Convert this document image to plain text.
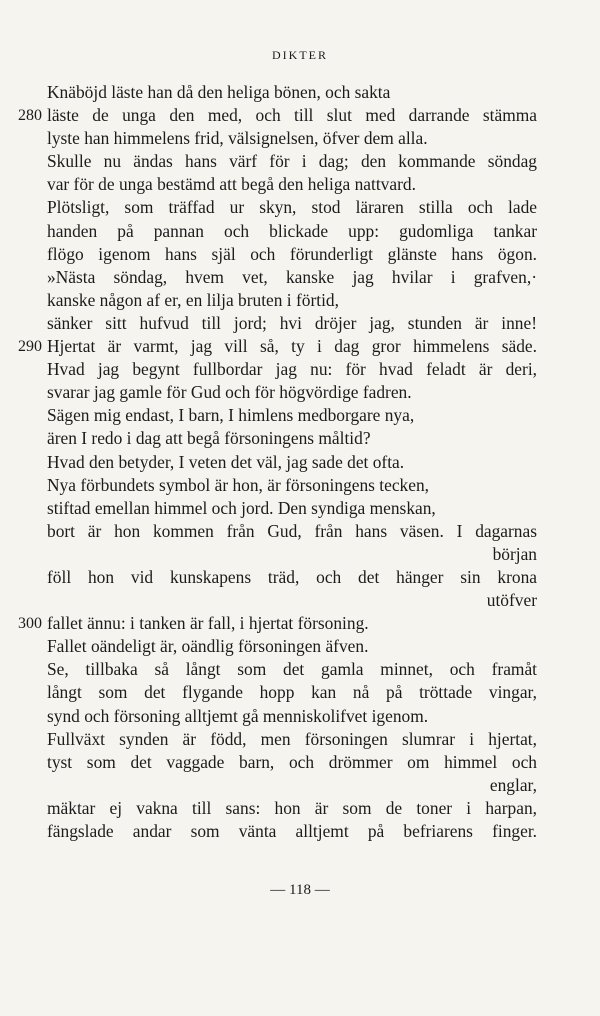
DIKTER
Knäböjd läste han då den heliga bönen, och sakta
280 läste de unga den med, och till slut med darrande stämma
lyste han himmelens frid, välsignelsen, öfver dem alla.
Skulle nu ändas hans värf för i dag; den kommande söndag
var för de unga bestämd att begå den heliga nattvard.
Plötsligt, som träffad ur skyn, stod läraren stilla och lade
handen på pannan och blickade upp: gudomliga tankar
flögo igenom hans själ och förunderligt glänste hans ögon.
»Nästa söndag, hvem vet, kanske jag hvilar i grafven,·
kanske någon af er, en lilja bruten i förtid,
sänker sitt hufvud till jord; hvi dröjer jag, stunden är inne!
290 Hjertat är varmt, jag vill så, ty i dag gror himmelens säde.
Hvad jag begynt fullbordar jag nu: för hvad feladt är deri,
svarar jag gamle för Gud och för högvördige fadren.
Sägen mig endast, I barn, I himlens medborgare nya,
ären I redo i dag att begå försoningens måltid?
Hvad den betyder, I veten det väl, jag sade det ofta.
Nya förbundets symbol är hon, är försoningens tecken,
stiftad emellan himmel och jord. Den syndiga menskan,
bort är hon kommen från Gud, från hans väsen. I dagarnas
början
föll hon vid kunskapens träd, och det hänger sin krona
utöfver
300 fallet ännu: i tanken är fall, i hjertat försoning.
Fallet oändeligt är, oändlig försoningen äfven.
Se, tillbaka så långt som det gamla minnet, och framåt
långt som det flygande hopp kan nå på tröttade vingar,
synd och försoning alltjemt gå menniskolifvet igenom.
Fullväxt synden är född, men försoningen slumrar i hjertat,
tyst som det vaggade barn, och drömmer om himmel och
englar,
mäktar ej vakna till sans: hon är som de toner i harpan,
fängslade andar som vänta alltjemt på befriarens finger.
— 118 —
